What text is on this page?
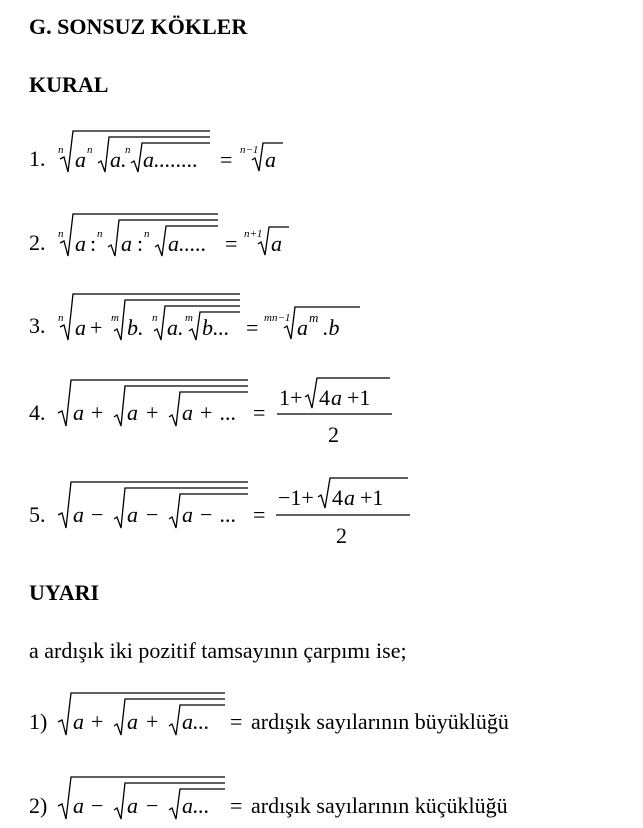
G. SONSUZ KÖKLER
KURAL
1.
2.
3.
4.
5.
UYARI
a ardışık iki pozitif tamsayının çarpımı ise;
1)	ardışık sayılarının büyüklüğü
2)	ardışık sayılarının küçüklüğü
n a n a.
n a........ = n−1 a
n a : n a : n a..... = n+1 a
n a + m b. n a. m b... = mn−1 a m .b
a + a + a + ... =
1+ 4 a +1
2
a − a − a − ... =
−1+ 4 a +1
2
a + a + a... =
a − a − a... =
